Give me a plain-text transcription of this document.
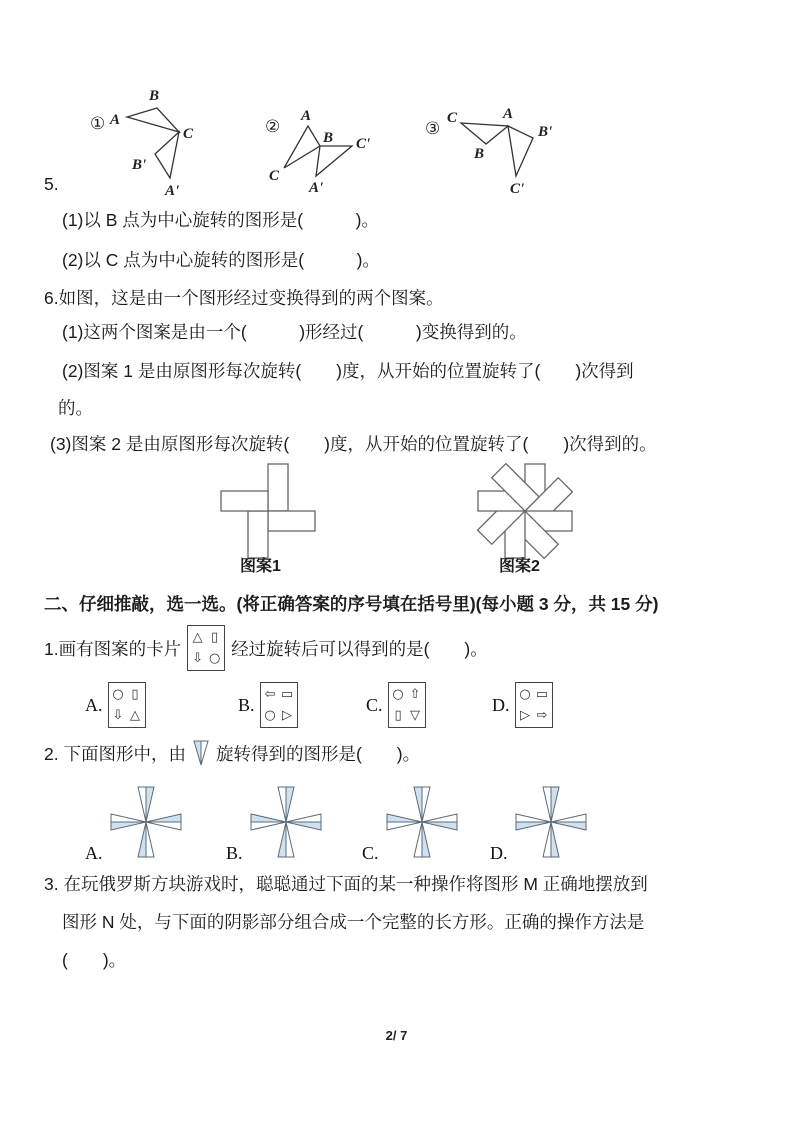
① A
B
C
B'
A'
②
A
B
C
C'
A'
③
C	A
B
B'
C'
5.
(1)以 B 点为中心旋转的图形是(　　　)。
(2)以 C 点为中心旋转的图形是(　　　)。
6.如图，这是由一个图形经过变换得到的两个图案。
(1)这两个图案是由一个(　　　)形经过(　　　)变换得到的。
(2)图案 1 是由原图形每次旋转(　　)度，从开始的位置旋转了(　　)次得到
的。
(3)图案 2 是由原图形每次旋转(　　)度，从开始的位置旋转了(　　)次得到的。
图案1	图案2
二、仔细推敲，选一选。(将正确答案的序号填在括号里)(每小题 3 分，共 15 分)
1.画有图案的卡片
△ ▯
⇩ ○ 经过旋转后可以得到的是(　　)。
A. ○ ▯
⇩ △
B. ⇦ ▭
○ ▷
C. ○ ⇧
▯ ▽
D. ○ ▭
▷ ⇨
2. 下面图形中，由 旋转得到的图形是(　　)。
A.	B.	C.	D.
3. 在玩俄罗斯方块游戏时，聪聪通过下面的某一种操作将图形 M 正确地摆放到
图形 N 处，与下面的阴影部分组合成一个完整的长方形。正确的操作方法是
(　　)。
2/ 7
